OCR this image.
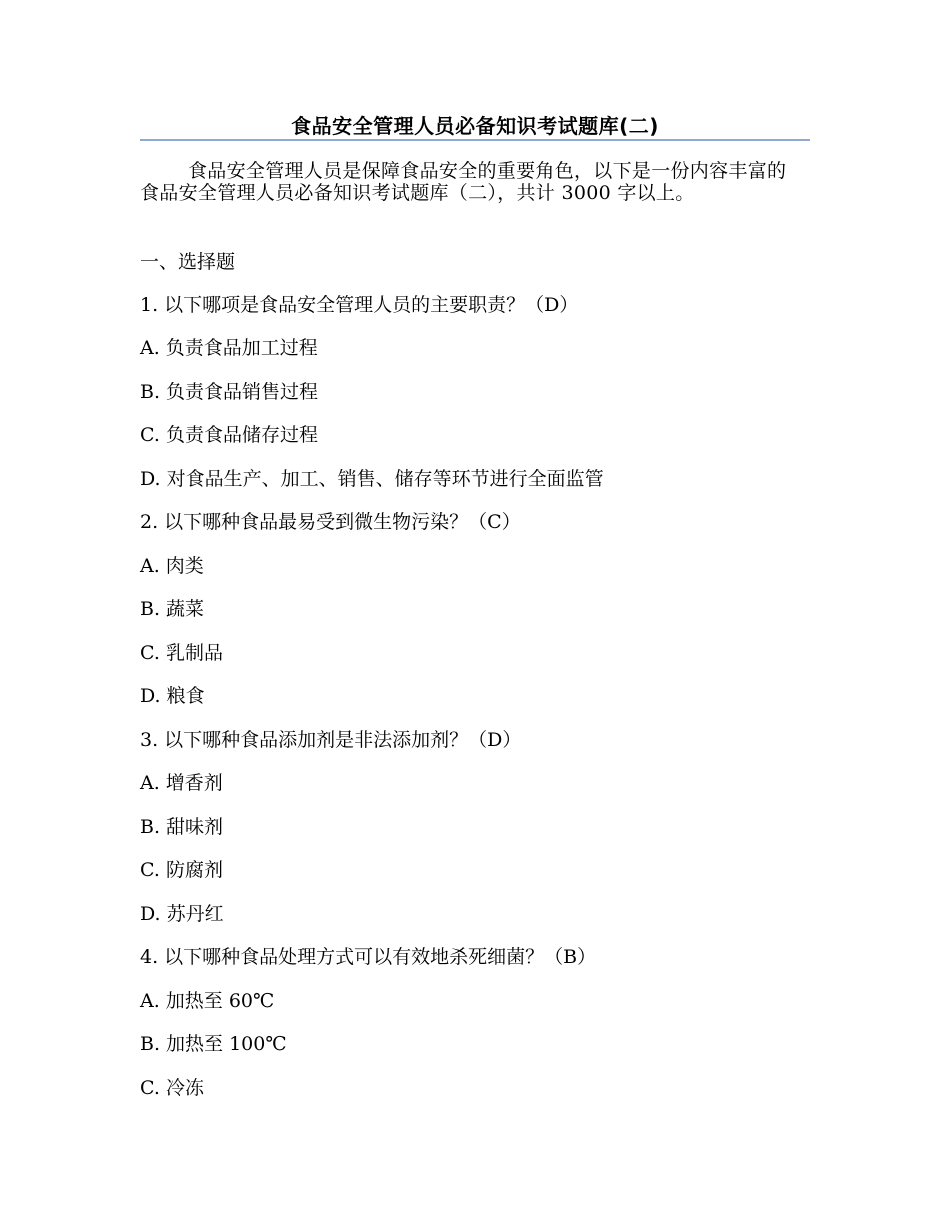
食品安全管理人员必备知识考试题库(二)

食品安全管理人员是保障食品安全的重要角色，以下是一份内容丰富的食品安全管理人员必备知识考试题库（二），共计 3000 字以上。

一、选择题

1. 以下哪项是食品安全管理人员的主要职责？（D）

A. 负责食品加工过程

B. 负责食品销售过程

C. 负责食品储存过程

D. 对食品生产、加工、销售、储存等环节进行全面监管

2. 以下哪种食品最易受到微生物污染？（C）

A. 肉类

B. 蔬菜

C. 乳制品

D. 粮食

3. 以下哪种食品添加剂是非法添加剂？（D）

A. 增香剂

B. 甜味剂

C. 防腐剂

D. 苏丹红

4. 以下哪种食品处理方式可以有效地杀死细菌？（B）

A. 加热至 60℃

B. 加热至 100℃

C. 冷冻
